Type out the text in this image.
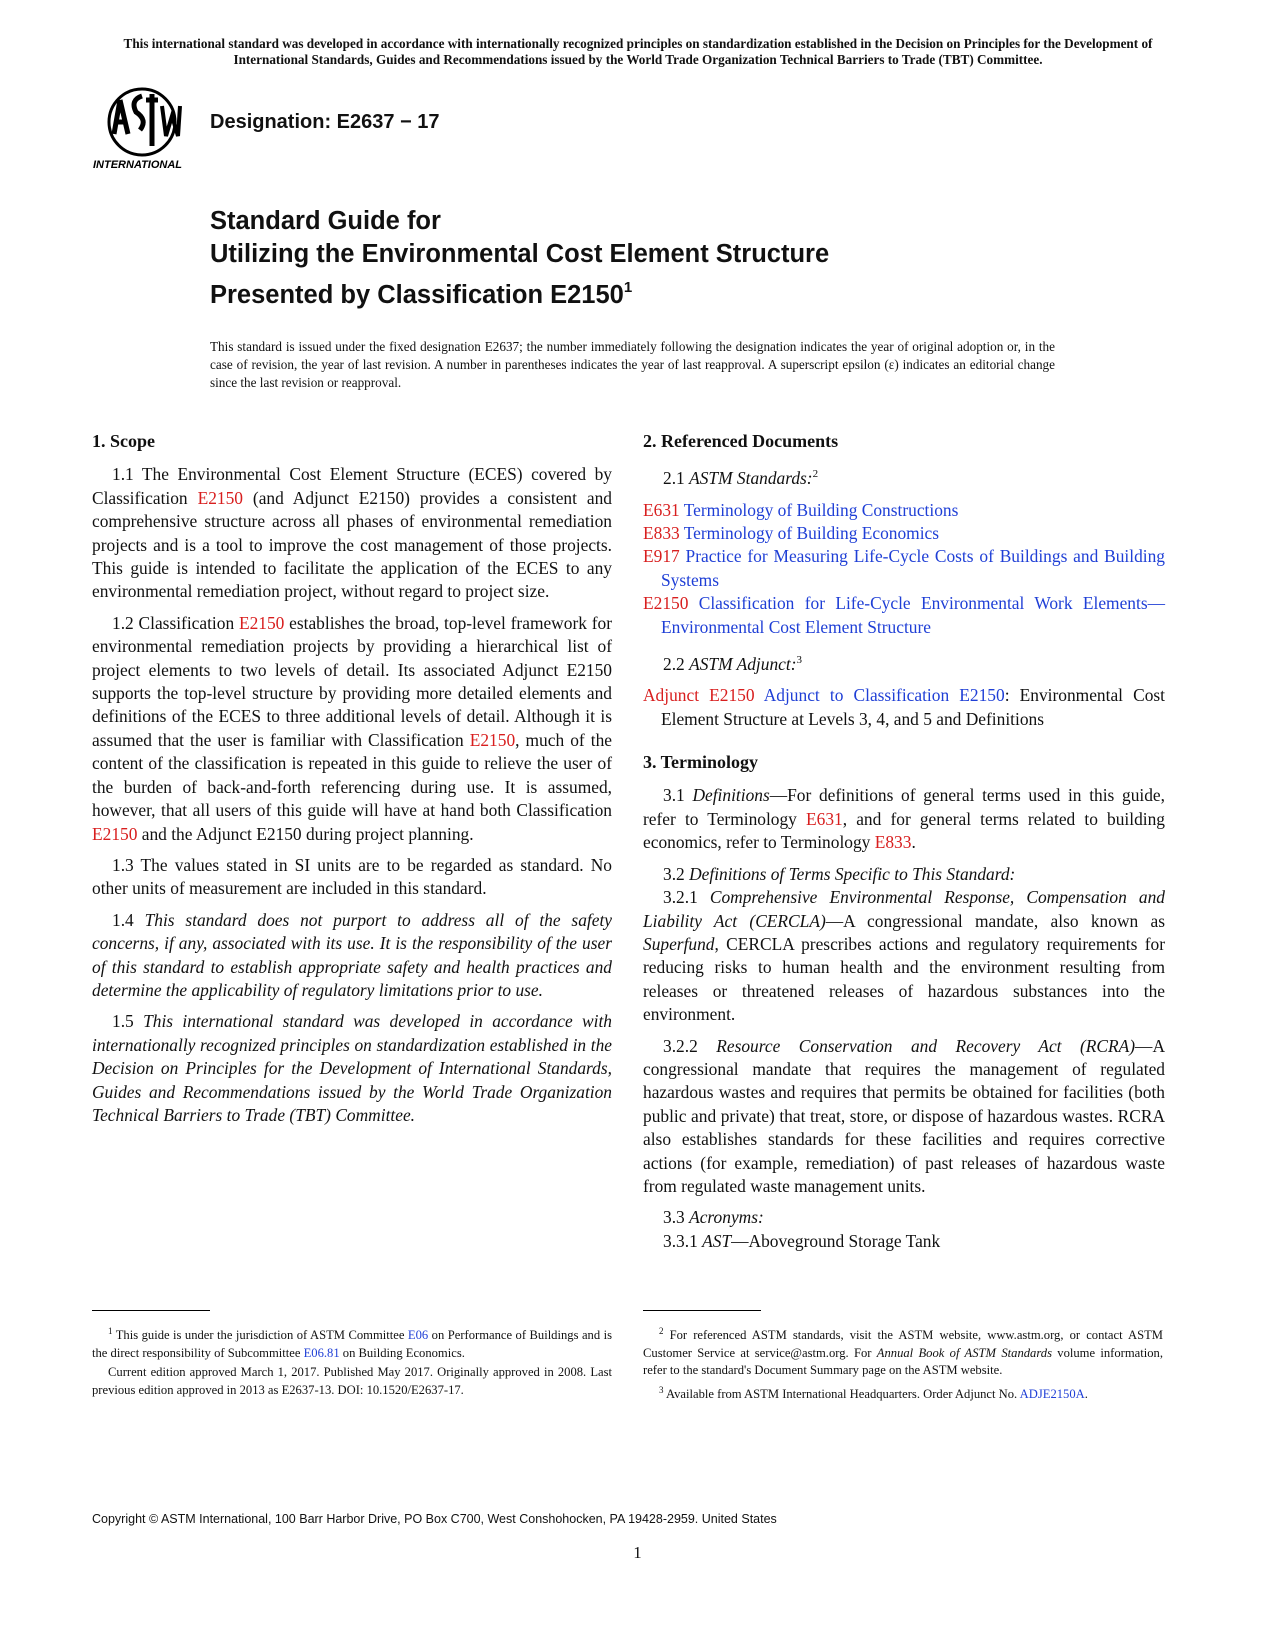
This international standard was developed in accordance with internationally recognized principles on standardization established in the Decision on Principles for the Development of International Standards, Guides and Recommendations issued by the World Trade Organization Technical Barriers to Trade (TBT) Committee.
INTERNATIONAL
Designation: E2637 − 17
Standard Guide for
Utilizing the Environmental Cost Element Structure
Presented by Classification E2150$^1$
This standard is issued under the fixed designation E2637; the number immediately following the designation indicates the year of original adoption or, in the case of revision, the year of last revision. A number in parentheses indicates the year of last reapproval. A superscript epsilon (ε) indicates an editorial change since the last revision or reapproval.
1. Scope

1.1 The Environmental Cost Element Structure (ECES) covered by Classification E2150 (and Adjunct E2150) provides a consistent and comprehensive structure across all phases of environmental remediation projects and is a tool to improve the cost management of those projects. This guide is intended to facilitate the application of the ECES to any environmental remediation project, without regard to project size.

1.2 Classification E2150 establishes the broad, top-level framework for environmental remediation projects by providing a hierarchical list of project elements to two levels of detail. Its associated Adjunct E2150 supports the top-level structure by providing more detailed elements and definitions of the ECES to three additional levels of detail. Although it is assumed that the user is familiar with Classification E2150, much of the content of the classification is repeated in this guide to relieve the user of the burden of back-and-forth referencing during use. It is assumed, however, that all users of this guide will have at hand both Classification E2150 and the Adjunct E2150 during project planning.

1.3 The values stated in SI units are to be regarded as standard. No other units of measurement are included in this standard.

1.4 This standard does not purport to address all of the safety concerns, if any, associated with its use. It is the responsibility of the user of this standard to establish appropriate safety and health practices and determine the applicability of regulatory limitations prior to use.

1.5 This international standard was developed in accordance with internationally recognized principles on standardization established in the Decision on Principles for the Development of International Standards, Guides and Recommendations issued by the World Trade Organization Technical Barriers to Trade (TBT) Committee.

2. Referenced Documents

2.1 ASTM Standards:$^2$

E631 Terminology of Building Constructions
E833 Terminology of Building Economics
E917 Practice for Measuring Life-Cycle Costs of Buildings and Building Systems
E2150 Classification for Life-Cycle Environmental Work Elements—Environmental Cost Element Structure

2.2 ASTM Adjunct:$^3$

Adjunct E2150 Adjunct to Classification E2150: Environmental Cost Element Structure at Levels 3, 4, and 5 and Definitions
3. Terminology

3.1 Definitions—For definitions of general terms used in this guide, refer to Terminology E631, and for general terms related to building economics, refer to Terminology E833.

3.2 Definitions of Terms Specific to This Standard:

3.2.1 Comprehensive Environmental Response, Compensation and Liability Act (CERCLA)—A congressional mandate, also known as Superfund, CERCLA prescribes actions and regulatory requirements for reducing risks to human health and the environment resulting from releases or threatened releases of hazardous substances into the environment.

3.2.2 Resource Conservation and Recovery Act (RCRA)—A congressional mandate that requires the management of regulated hazardous wastes and requires that permits be obtained for facilities (both public and private) that treat, store, or dispose of hazardous wastes. RCRA also establishes standards for these facilities and requires corrective actions (for example, remediation) of past releases of hazardous waste from regulated waste management units.

3.3 Acronyms:

3.3.1 AST—Aboveground Storage Tank

$^1$ This guide is under the jurisdiction of ASTM Committee E06 on Performance of Buildings and is the direct responsibility of Subcommittee E06.81 on Building Economics.

Current edition approved March 1, 2017. Published May 2017. Originally approved in 2008. Last previous edition approved in 2013 as E2637-13. DOI: 10.1520/E2637-17.

$^2$ For referenced ASTM standards, visit the ASTM website, www.astm.org, or contact ASTM Customer Service at service@astm.org. For Annual Book of ASTM Standards volume information, refer to the standard's Document Summary page on the ASTM website.

$^3$ Available from ASTM International Headquarters. Order Adjunct No. ADJE2150A.

Copyright © ASTM International, 100 Barr Harbor Drive, PO Box C700, West Conshohocken, PA 19428-2959. United States
1
